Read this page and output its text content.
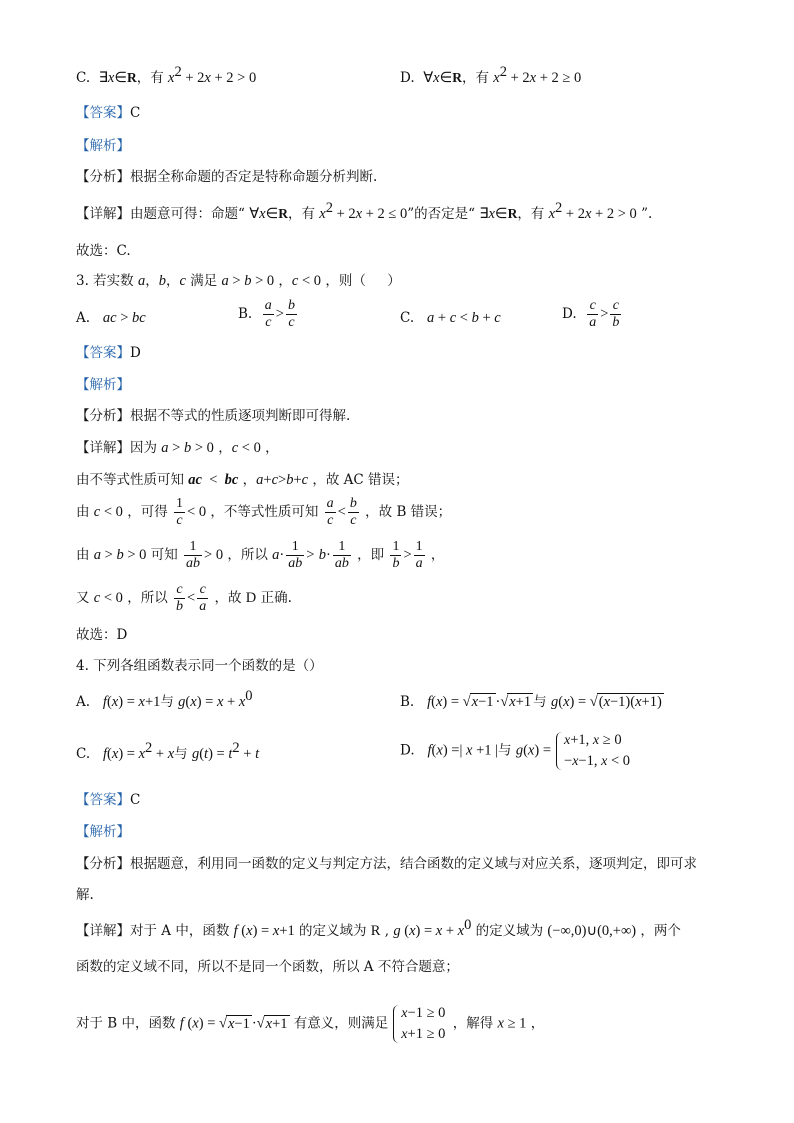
C.  ∃x∈R，有 $x^2 + 2x + 2 > 0$	D.  ∀x∈R，有 $x^2 + 2x + 2 \ge 0$
【答案】C
【解析】
【分析】根据全称命题的否定是特称命题分析判断.
【详解】由题意可得：命题“ ∀x∈R，有 $x^2 + 2x + 2 \le 0$”的否定是“ ∃x∈R，有 $x^2 + 2x + 2 > 0$ ”.
故选：C.
3. 若实数 a，b，c 满足 a > b > 0 ，c < 0 ，则（     ）
A.   ac > bc	B. $\frac{a}{c} > \frac{b}{c}$	C.   a + c < b + c	D. $\frac{c}{a} > \frac{c}{b}$
【答案】D
【解析】
【分析】根据不等式的性质逐项判断即可得解.
【详解】因为 a > b > 0 ，c < 0 ，
由不等式性质可知 ac  <  bc ，a+c>b+c ，故 AC 错误；
由 c < 0 ，可得 $\frac{1}{c} < 0$ ，不等式性质可知 $\frac{a}{c} < \frac{b}{c}$ ，故 B 错误；
由 a > b > 0 可知 $\frac{1}{ab} > 0$ ，所以 $a\cdot \frac{1}{ab} > b\cdot \frac{1}{ab}$ ，即 $\frac{1}{b} > \frac{1}{a}$ ，
又 c < 0 ，所以 $\frac{c}{b} < \frac{c}{a}$ ，故 D 正确.
故选：D
4. 下列各组函数表示同一个函数的是（）
A.   f(x) = x+1与 $g(x) = x + x^0$	B.   f(x) = √x−1 ·√x+1 与 g(x) = √(x−1)(x+1)
C.   $f(x) = x^2 + x$与 $g(t) = t^2 + t$	D.   f(x) =| x +1 |与 g(x) =
x+1, x ≥ 0
−x−1, x < 0
【答案】C
【解析】
【分析】根据题意，利用同一函数的定义与判定方法，结合函数的定义域与对应关系，逐项判定，即可求
解.
【详解】对于 A 中，函数 f (x) = x+1 的定义域为 R , g $(x) = x + x^0$ 的定义域为 (−∞,0)∪(0,+∞) ，两个
函数的定义域不同，所以不是同一个函数，所以 A 不符合题意；
对于 B 中，函数 f (x) = √x−1 ·√x+1 有意义，则满足
x−1 ≥ 0
x+1 ≥ 0
，解得 x ≥ 1 ，
